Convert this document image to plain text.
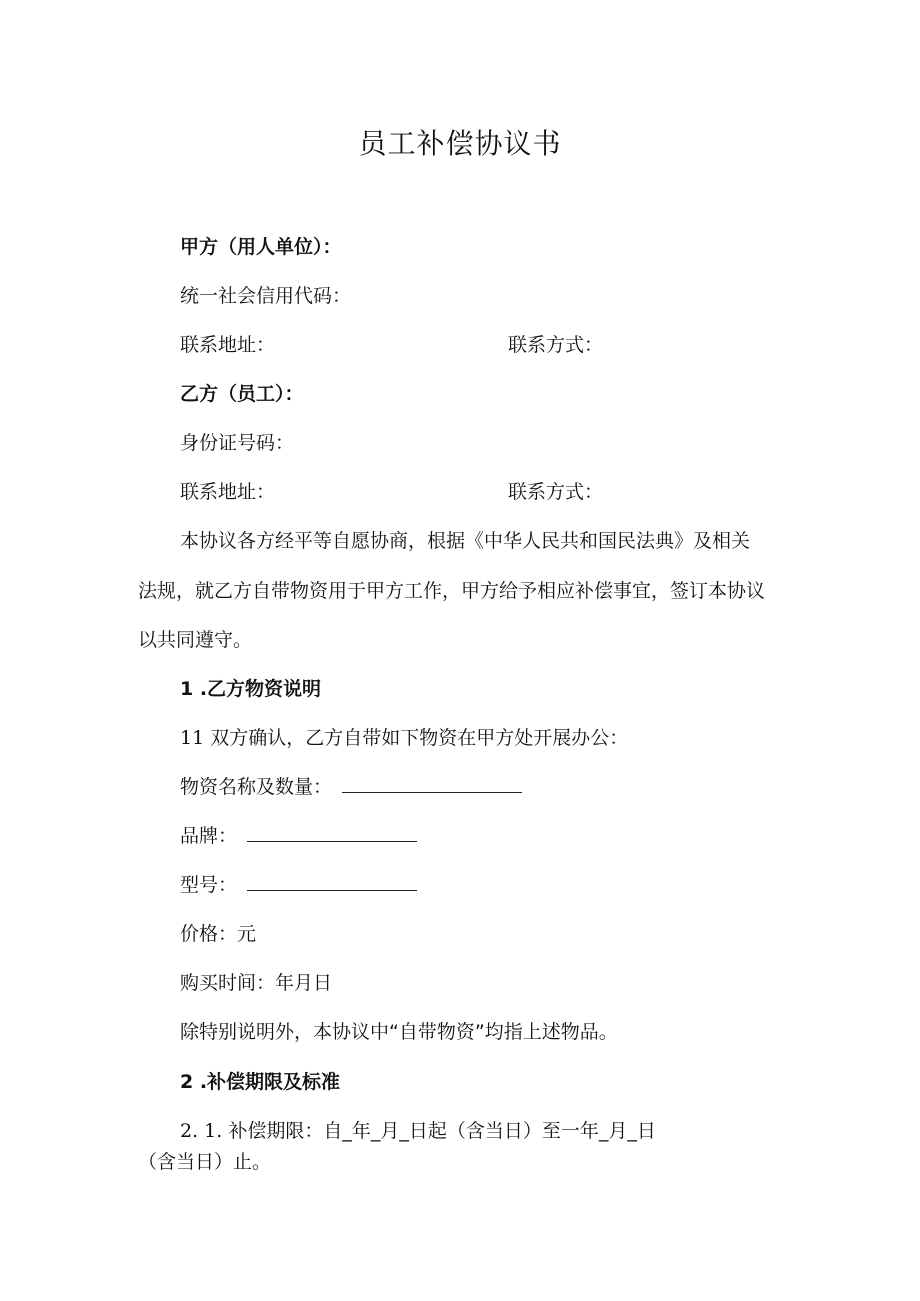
员工补偿协议书
甲方（用人单位）：
统一社会信用代码：
联系地址：	联系方式：
乙方（员工）：
身份证号码：
联系地址：	联系方式：
本协议各方经平等自愿协商，根据《中华人民共和国民法典》及相关
法规，就乙方自带物资用于甲方工作，甲方给予相应补偿事宜，签订本协议
以共同遵守。
1 .乙方物资说明
11 双方确认，乙方自带如下物资在甲方处开展办公：
物资名称及数量：
品牌：
型号：
价格：元
购买时间：年月日
除特别说明外，本协议中“自带物资”均指上述物品。
2 .补偿期限及标准
2. 1. 补偿期限：自_年_月_日起（含当日）至一年_月_日
（含当日）止。
